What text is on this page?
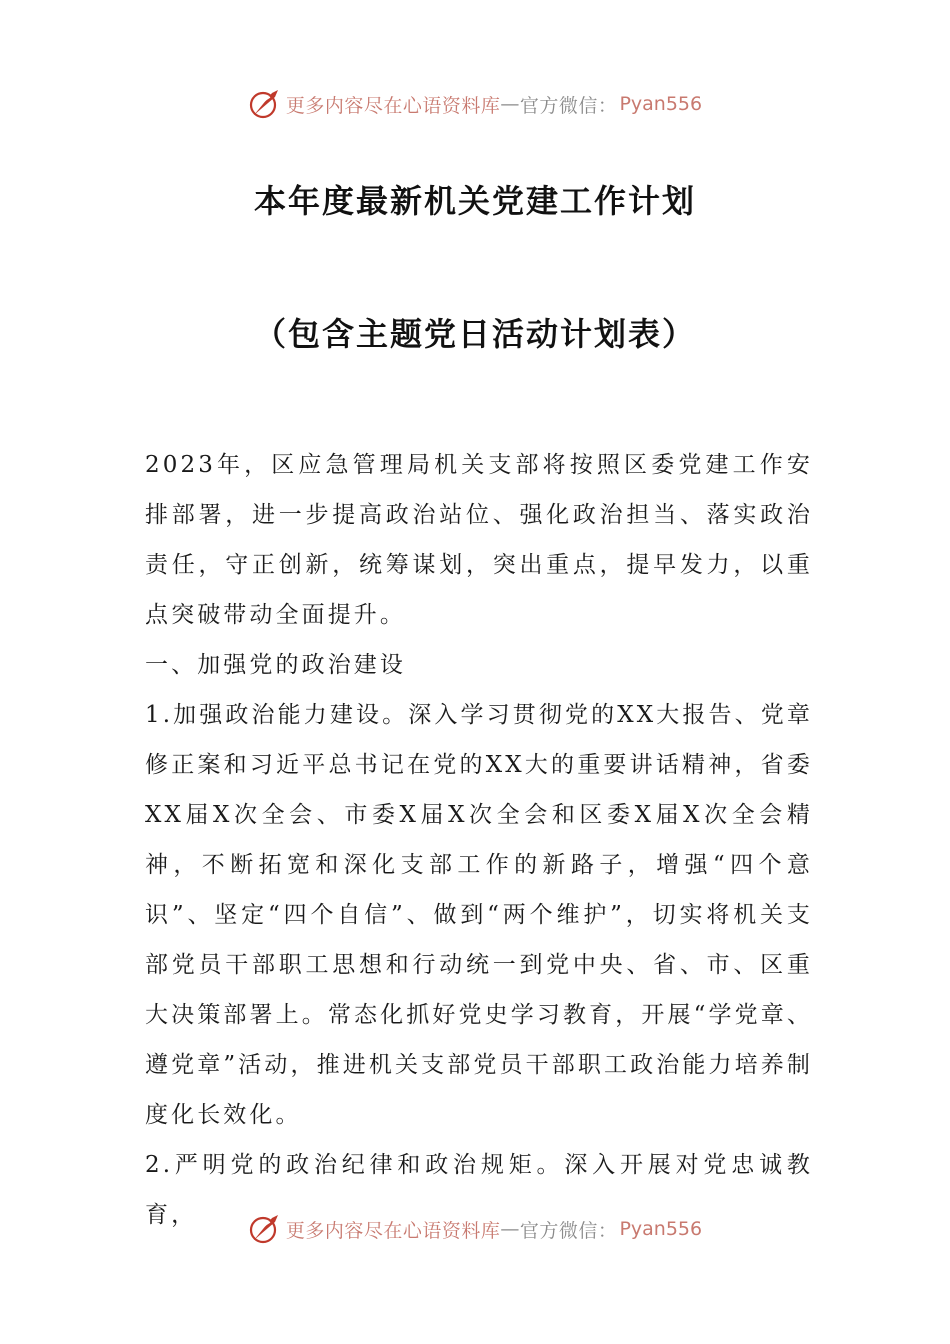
更多内容尽在心语资料库 — 官方微信： Pyan556
本年度最新机关党建工作计划
（包含主题党日活动计划表）

2023年，区应急管理局机关支部将按照区委党建工作安排部署，进一步提高政治站位、强化政治担当、落实政治责任，守正创新，统筹谋划，突出重点，提早发力，以重点突破带动全面提升。

一、加强党的政治建设

1.加强政治能力建设。深入学习贯彻党的XX大报告、党章修正案和习近平总书记在党的XX大的重要讲话精神，省委XX届X次全会、市委X届X次全会和区委X届X次全会精神，不断拓宽和深化支部工作的新路子，增强“四个意识”、坚定“四个自信”、做到“两个维护”，切实将机关支部党员干部职工思想和行动统一到党中央、省、市、区重大决策部署上。常态化抓好党史学习教育，开展“学党章、遵党章”活动，推进机关支部党员干部职工政治能力培养制度化长效化。

2.严明党的政治纪律和政治规矩。深入开展对党忠诚教育，

更多内容尽在心语资料库 — 官方微信： Pyan556
